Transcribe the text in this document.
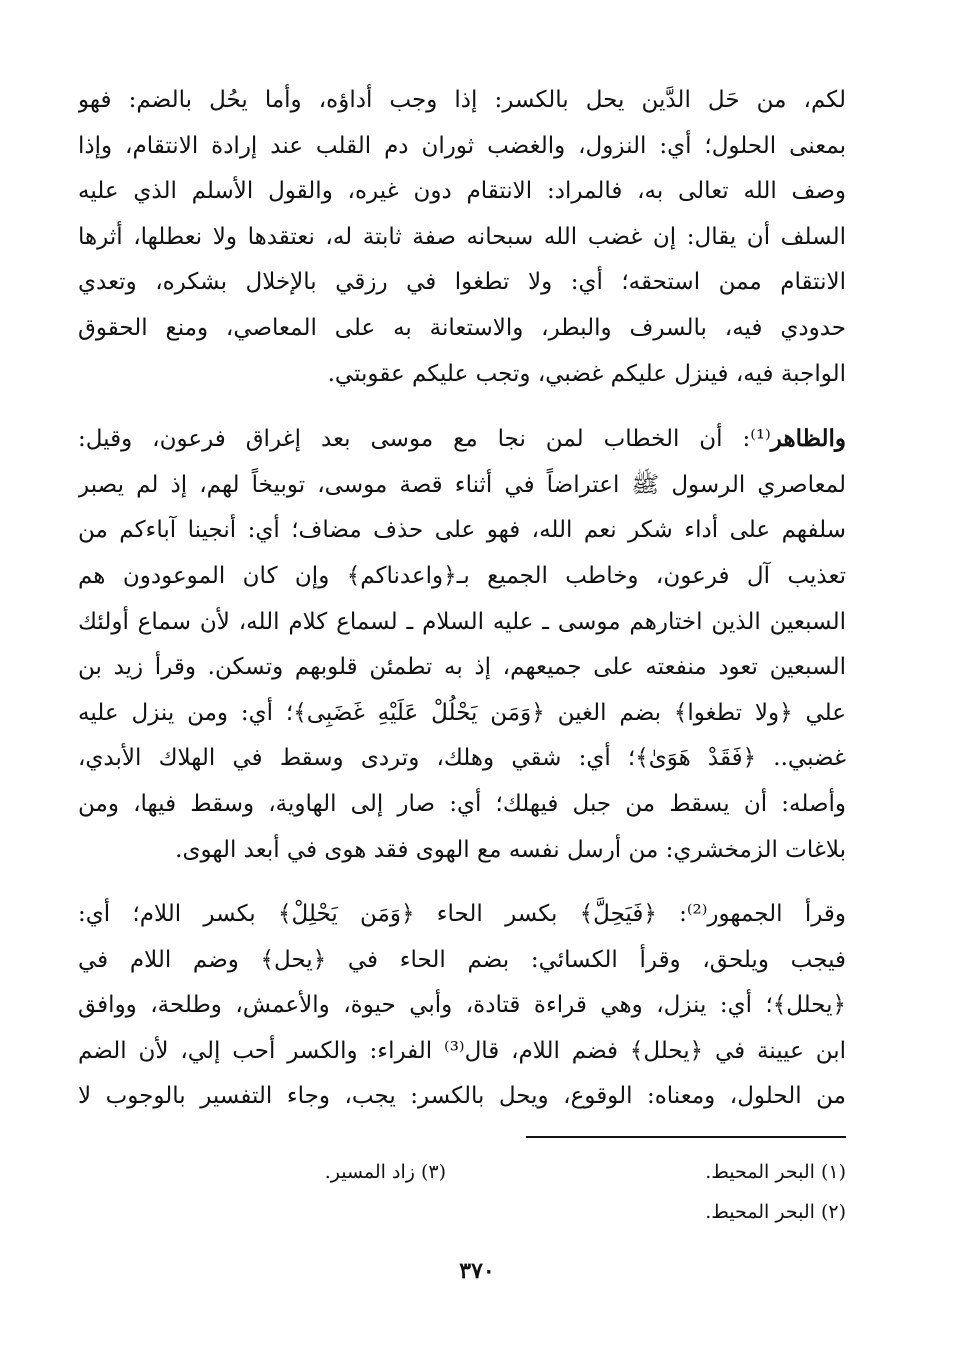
لكم، من حَل الدَّين يحل بالكسر: إذا وجب أداؤه، وأما يحُل بالضم: فهو
بمعنى الحلول؛ أي: النزول، والغضب ثوران دم القلب عند إرادة الانتقام، وإذا
وصف الله تعالى به، فالمراد: الانتقام دون غيره، والقول الأسلم الذي عليه
السلف أن يقال: إن غضب الله سبحانه صفة ثابتة له، نعتقدها ولا نعطلها، أثرها
الانتقام ممن استحقه؛ أي: ولا تطغوا في رزقي بالإخلال بشكره، وتعدي
حدودي فيه، بالسرف والبطر، والاستعانة به على المعاصي، ومنع الحقوق
الواجبة فيه، فينزل عليكم غضبي، وتجب عليكم عقوبتي.

والظاهر⁽¹⁾: أن الخطاب لمن نجا مع موسى بعد إغراق فرعون، وقيل:
لمعاصري الرسول ﷺ اعتراضاً في أثناء قصة موسى، توبيخاً لهم، إذ لم يصبر
سلفهم على أداء شكر نعم الله، فهو على حذف مضاف؛ أي: أنجينا آباءكم من
تعذيب آل فرعون، وخاطب الجميع بـ﴿واعدناكم﴾ وإن كان الموعودون هم
السبعين الذين اختارهم موسى ـ عليه السلام ـ لسماع كلام الله، لأن سماع أولئك
السبعين تعود منفعته على جميعهم، إذ به تطمئن قلوبهم وتسكن. وقرأ زيد بن
علي ﴿ولا تطغوا﴾ بضم الغين ﴿وَمَن يَحْلُلْ عَلَيْهِ غَضَبِى﴾؛ أي: ومن ينزل عليه
غضبي.. ﴿فَقَدْ هَوَىٰ﴾؛ أي: شقي وهلك، وتردى وسقط في الهلاك الأبدي،
وأصله: أن يسقط من جبل فيهلك؛ أي: صار إلى الهاوية، وسقط فيها، ومن
بلاغات الزمخشري: من أرسل نفسه مع الهوى فقد هوى في أبعد الهوى.

وقرأ الجمهور⁽²⁾: ﴿فَيَحِلَّ﴾ بكسر الحاء ﴿وَمَن يَحْلِلْ﴾ بكسر اللام؛ أي:
فيجب ويلحق، وقرأ الكسائي: بضم الحاء في ﴿يحل﴾ وضم اللام في
﴿يحلل﴾؛ أي: ينزل، وهي قراءة قتادة، وأبي حيوة، والأعمش، وطلحة، ووافق
ابن عيينة في ﴿يحلل﴾ فضم اللام، قال⁽³⁾ الفراء: والكسر أحب إلي، لأن الضم
من الحلول، ومعناه: الوقوع، ويحل بالكسر: يجب، وجاء التفسير بالوجوب لا

(١) البحر المحيط.
(٣) زاد المسير.
(٢) البحر المحيط.
٣٧٠
